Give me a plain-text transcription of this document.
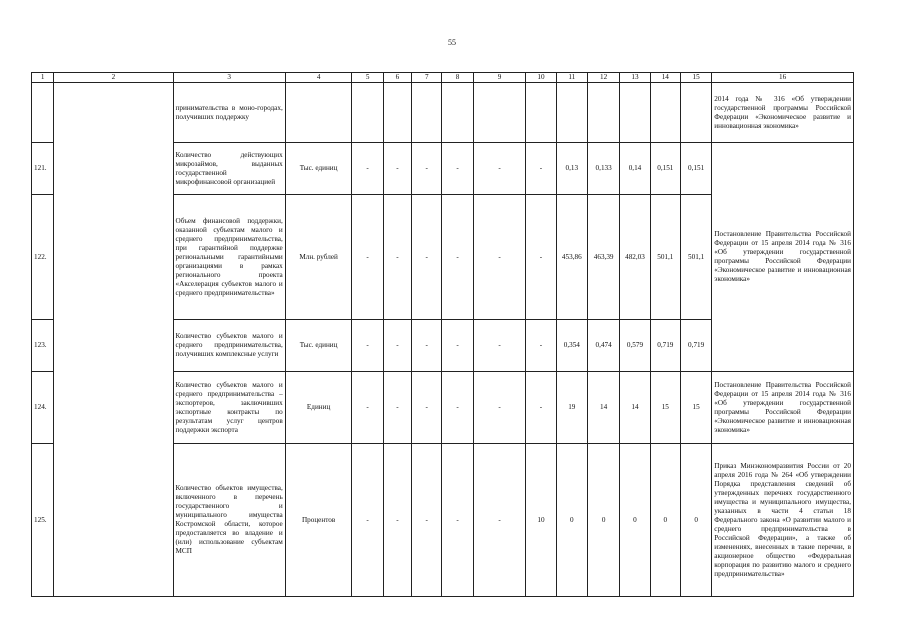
55
1	2	3	4	5	6	7	8	9	10	11	12	13	14	15	16
		принимательства в моно-городах, получивших поддержку													2014 года № 316 «Об утверждении государственной программы Российской Федерации «Экономическое развитие и инновационная экономика»
121.		Количество действующих микрозаймов, выданных государственной микрофинансовой организацией	Тыс. единиц	-	-	-	-	-	-	0,13	0,133	0,14	0,151	0,151	Постановление Правительства Российской Федерации от 15 апреля 2014 года № 316 «Об утверждении государственной программы Российской Федерации «Экономическое развитие и инновационная экономика»
122.		Объем финансовой поддержки, оказанной субъектам малого и среднего предпринимательства, при гарантийной поддержке региональными гарантийными организациями в рамках регионального проекта «Акселерация субъектов малого и среднего предпринимательства»	Млн. рублей	-	-	-	-	-	-	453,86	463,39	482,03	501,1	501,1	
123.		Количество субъектов малого и среднего предпринимательства, получивших комплексные услуги	Тыс. единиц	-	-	-	-	-	-	0,354	0,474	0,579	0,719	0,719	
124.		Количество субъектов малого и среднего предпринимательства – экспортеров, заключивших экспортные контракты по результатам услуг центров поддержки экспорта	Единиц	-	-	-	-	-	-	19	14	14	15	15	Постановление Правительства Российской Федерации от 15 апреля 2014 года № 316 «Об утверждении государственной программы Российской Федерации «Экономическое развитие и инновационная экономика»
125.		Количество объектов имущества, включенного в перечень государственного и муниципального имущества Костромской области, которое предоставляется во владение и (или) использование субъектам МСП	Процентов	-	-	-	-	-	10	0	0	0	0	0	Приказ Минэкономразвития России от 20 апреля 2016 года № 264 «Об утверждении Порядка представления сведений об утвержденных перечнях государственного имущества и муниципального имущества, указанных в части 4 статьи 18 Федерального закона «О развитии малого и среднего предпринимательства в Российской Федерации», а также об изменениях, внесенных в такие перечни, в акционерное общество «Федеральная корпорация по развитию малого и среднего предпринимательства»
